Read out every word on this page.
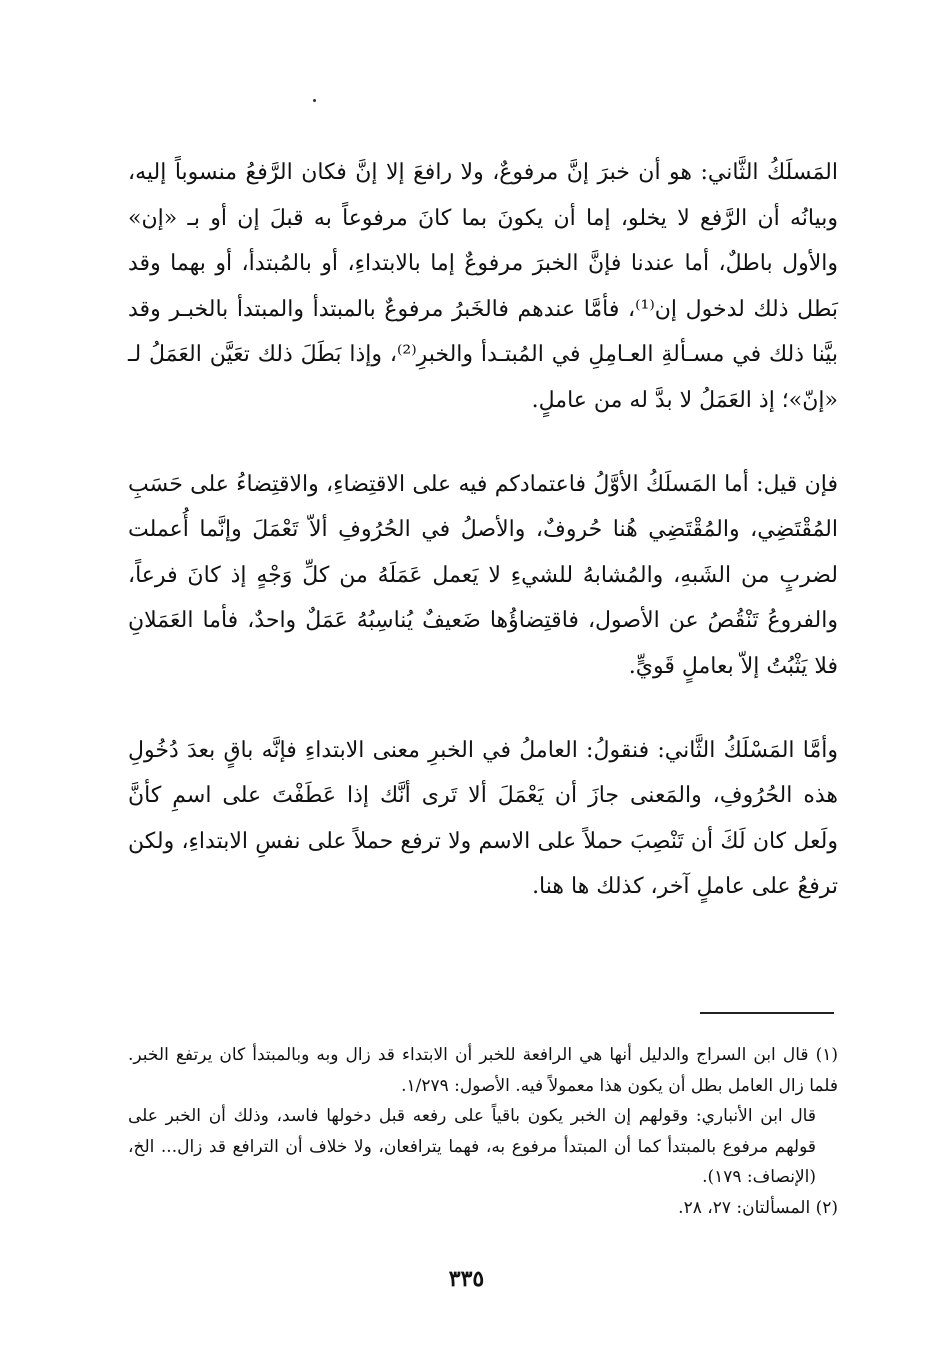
المَسلَكُ الثَّاني: هو أن خبرَ إنَّ مرفوعٌ، ولا رافعَ إلا إنَّ فكان الرَّفعُ منسوباً إليه، وبيانُه أن الرَّفع لا يخلو، إما أن يكونَ بما كانَ مرفوعاً به قبلَ إن أو بـ «إن» والأول باطلٌ، أما عندنا فإنَّ الخبرَ مرفوعٌ إما بالابتداءِ، أو بالمُبتدأ، أو بهما وقد بَطل ذلك لدخول إن⁽¹⁾، فأمَّا عندهم فالخَبرُ مرفوعٌ بالمبتدأ والمبتدأ بالخبـر وقد بيَّنا ذلك في مسـألةِ العـامِلِ في المُبتـدأ والخبرِ⁽²⁾، وإذا بَطَلَ ذلك تعَيَّن العَمَلُ لـ «إنّ»؛ إذ العَمَلُ لا بدَّ له من عاملٍ.

فإن قيل: أما المَسلَكُ الأوَّلُ فاعتمادكم فيه على الاقتِضاءِ، والاقتِضاءُ على حَسَبِ المُقْتَضِي، والمُقْتَضِي هُنا حُروفٌ، والأصلُ في الحُرُوفِ ألاّ تَعْمَلَ وإنَّما أُعملت لضربٍ من الشَبهِ، والمُشابهُ للشيءِ لا يَعمل عَمَلَهُ من كلِّ وَجْهٍ إذ كانَ فرعاً، والفروعُ تَنْقُصُ عن الأصول، فاقتِضاؤُها ضَعيفٌ يُناسِبُهُ عَمَلٌ واحدٌ، فأما العَمَلانِ فلا يَثْبُتُ إلاّ بعاملٍ قَويٍّ.

وأمَّا المَسْلَكُ الثَّاني: فنقولُ: العاملُ في الخبرِ معنى الابتداءِ فإنَّه باقٍ بعدَ دُخُولِ هذه الحُرُوفِ، والمَعنى جازَ أن يَعْمَلَ ألا تَرى أنَّك إذا عَطَفْتَ على اسمِ كأنَّ ولَعل كان لَكَ أن تَنْصِبَ حملاً على الاسم ولا ترفع حملاً على نفسِ الابتداءِ، ولكن ترفعُ على عاملٍ آخر، كذلك ها هنا.

(١) قال ابن السراج والدليل أنها هي الرافعة للخبر أن الابتداء قد زال وبه وبالمبتدأ كان يرتفع الخبر. فلما زال العامل بطل أن يكون هذا معمولاً فيه. الأصول: ١/٢٧٩.

قال ابن الأنباري: وقولهم إن الخبر يكون باقياً على رفعه قبل دخولها فاسد، وذلك أن الخبر على قولهم مرفوع بالمبتدأ كما أن المبتدأ مرفوع به، فهما يترافعان، ولا خلاف أن الترافع قد زال... الخ، (الإنصاف: ١٧٩).

(٢) المسألتان: ٢٧، ٢٨.

٣٣٥
